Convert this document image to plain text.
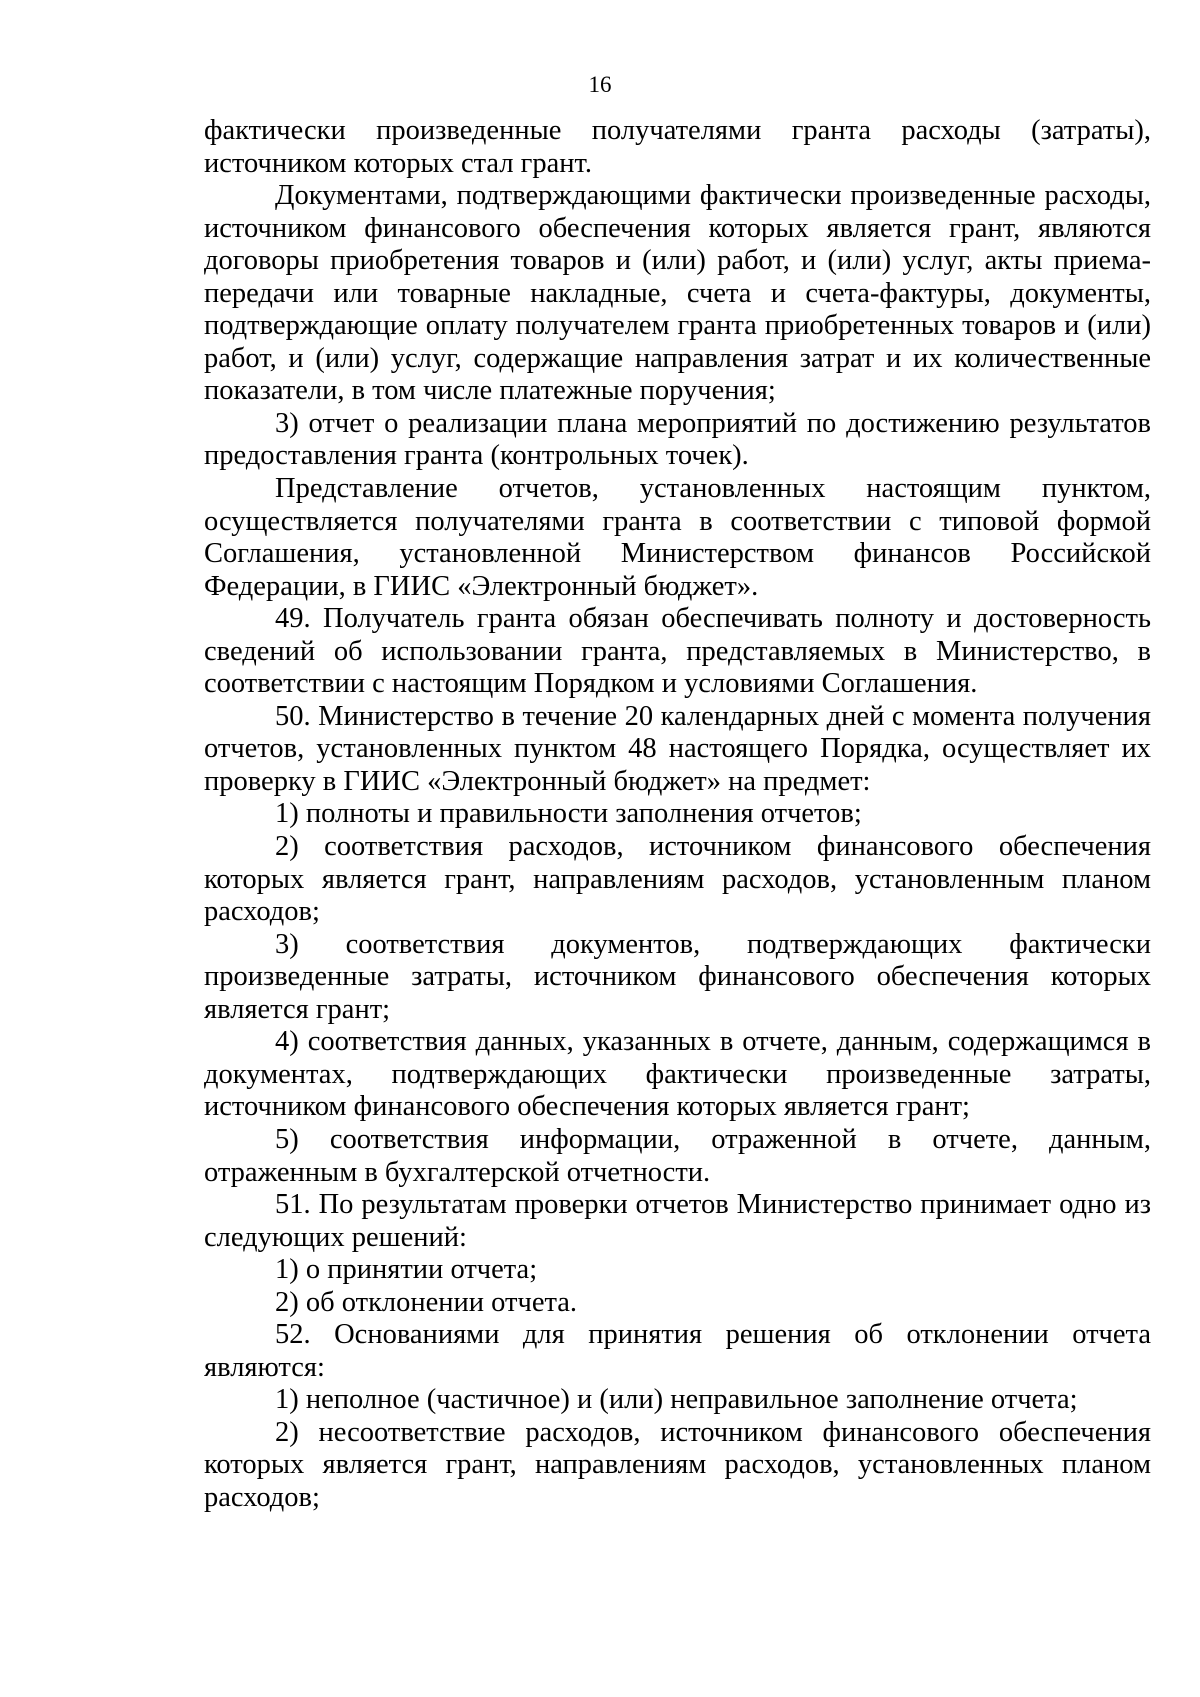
16

фактически произведенные получателями гранта расходы (затраты), источником которых стал грант.

Документами, подтверждающими фактически произведенные расходы, источником финансового обеспечения которых является грант, являются договоры приобретения товаров и (или) работ, и (или) услуг, акты приема-передачи или товарные накладные, счета и счета-фактуры, документы, подтверждающие оплату получателем гранта приобретенных товаров и (или) работ, и (или) услуг, содержащие направления затрат и их количественные показатели, в том числе платежные поручения;

3) отчет о реализации плана мероприятий по достижению результатов предоставления гранта (контрольных точек).

Представление отчетов, установленных настоящим пунктом, осуществляется получателями гранта в соответствии с типовой формой Соглашения, установленной Министерством финансов Российской Федерации, в ГИИС «Электронный бюджет».

49. Получатель гранта обязан обеспечивать полноту и достоверность сведений об использовании гранта, представляемых в Министерство, в соответствии с настоящим Порядком и условиями Соглашения.

50. Министерство в течение 20 календарных дней с момента получения отчетов, установленных пунктом 48 настоящего Порядка, осуществляет их проверку в ГИИС «Электронный бюджет» на предмет:

1) полноты и правильности заполнения отчетов;

2) соответствия расходов, источником финансового обеспечения которых является грант, направлениям расходов, установленным планом расходов;

3) соответствия документов, подтверждающих фактически произведенные затраты, источником финансового обеспечения которых является грант;

4) соответствия данных, указанных в отчете, данным, содержащимся в документах, подтверждающих фактически произведенные затраты, источником финансового обеспечения которых является грант;

5) соответствия информации, отраженной в отчете, данным, отраженным в бухгалтерской отчетности.

51. По результатам проверки отчетов Министерство принимает одно из следующих решений:

1) о принятии отчета;

2) об отклонении отчета.

52. Основаниями для принятия решения об отклонении отчета являются:

1) неполное (частичное) и (или) неправильное заполнение отчета;

2) несоответствие расходов, источником финансового обеспечения которых является грант, направлениям расходов, установленных планом расходов;
